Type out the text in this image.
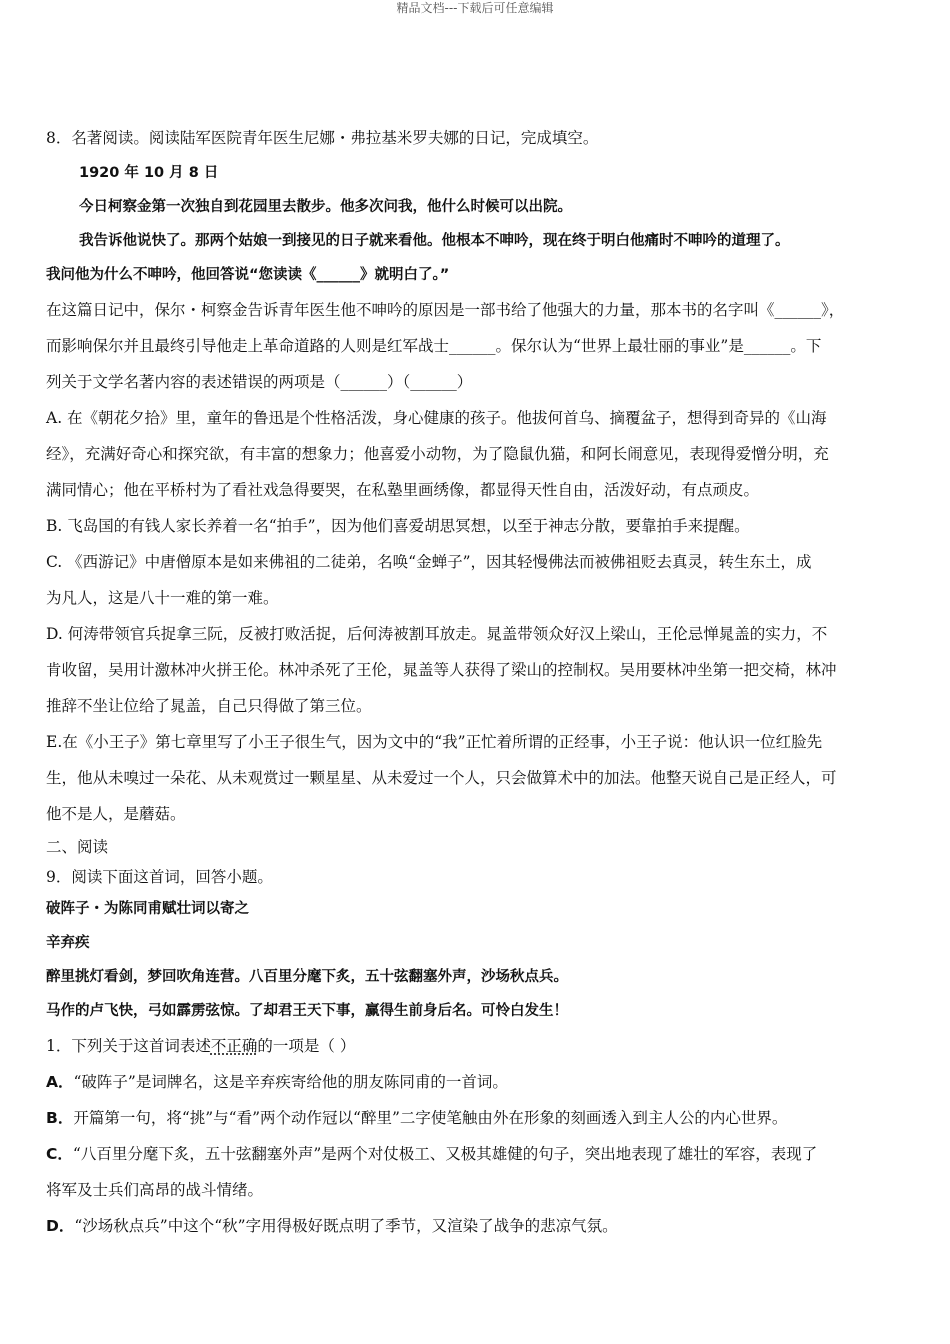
精品文档---下载后可任意编辑
8．名著阅读。阅读陆军医院青年医生尼娜・弗拉基米罗夫娜的日记，完成填空。
1920 年 10 月 8 日
今日柯察金第一次独自到花园里去散步。他多次问我，他什么时候可以出院。
我告诉他说快了。那两个姑娘一到接见的日子就来看他。他根本不呻吟，现在终于明白他痛时不呻吟的道理了。
我问他为什么不呻吟，他回答说“您读读《______》就明白了。”
在这篇日记中，保尔・柯察金告诉青年医生他不呻吟的原因是一部书给了他强大的力量，那本书的名字叫《______》，
而影响保尔并且最终引导他走上革命道路的人则是红军战士______。保尔认为“世界上最壮丽的事业”是______。下
列关于文学名著内容的表述错误的两项是（______）（______）
A. 在《朝花夕拾》里，童年的鲁迅是个性格活泼，身心健康的孩子。他拔何首乌、摘覆盆子，想得到奇异的《山海
经》，充满好奇心和探究欲，有丰富的想象力；他喜爱小动物，为了隐鼠仇猫，和阿长闹意见，表现得爱憎分明，充
满同情心；他在平桥村为了看社戏急得要哭，在私塾里画绣像，都显得天性自由，活泼好动，有点顽皮。
B. 飞岛国的有钱人家长养着一名“拍手”，因为他们喜爱胡思冥想，以至于神志分散，要靠拍手来提醒。
C. 《西游记》中唐僧原本是如来佛祖的二徒弟，名唤“金蝉子”，因其轻慢佛法而被佛祖贬去真灵，转生东土，成
为凡人，这是八十一难的第一难。
D. 何涛带领官兵捉拿三阮，反被打败活捉，后何涛被割耳放走。晁盖带领众好汉上梁山，王伦忌惮晁盖的实力，不
肯收留，吴用计激林冲火拼王伦。林冲杀死了王伦，晁盖等人获得了梁山的控制权。吴用要林冲坐第一把交椅，林冲
推辞不坐让位给了晁盖，自己只得做了第三位。
E.在《小王子》第七章里写了小王子很生气，因为文中的“我”正忙着所谓的正经事，小王子说：他认识一位红脸先
生，他从未嗅过一朵花、从未观赏过一颗星星、从未爱过一个人，只会做算术中的加法。他整天说自己是正经人，可
他不是人，是蘑菇。
二、阅读
9．阅读下面这首词，回答小题。
破阵子・为陈同甫赋壮词以寄之
辛弃疾
醉里挑灯看剑，梦回吹角连营。八百里分麾下炙，五十弦翻塞外声，沙场秋点兵。
马作的卢飞快，弓如霹雳弦惊。了却君王天下事，赢得生前身后名。可怜白发生！
1．下列关于这首词表述不正确的一项是（ ）
A．“破阵子”是词牌名，这是辛弃疾寄给他的朋友陈同甫的一首词。
B．开篇第一句，将“挑”与“看”两个动作冠以“醉里”二字使笔触由外在形象的刻画透入到主人公的内心世界。
C．“八百里分麾下炙，五十弦翻塞外声”是两个对仗极工、又极其雄健的句子，突出地表现了雄壮的军容，表现了
将军及士兵们高昂的战斗情绪。
D．“沙场秋点兵”中这个“秋”字用得极好既点明了季节，又渲染了战争的悲凉气氛。
